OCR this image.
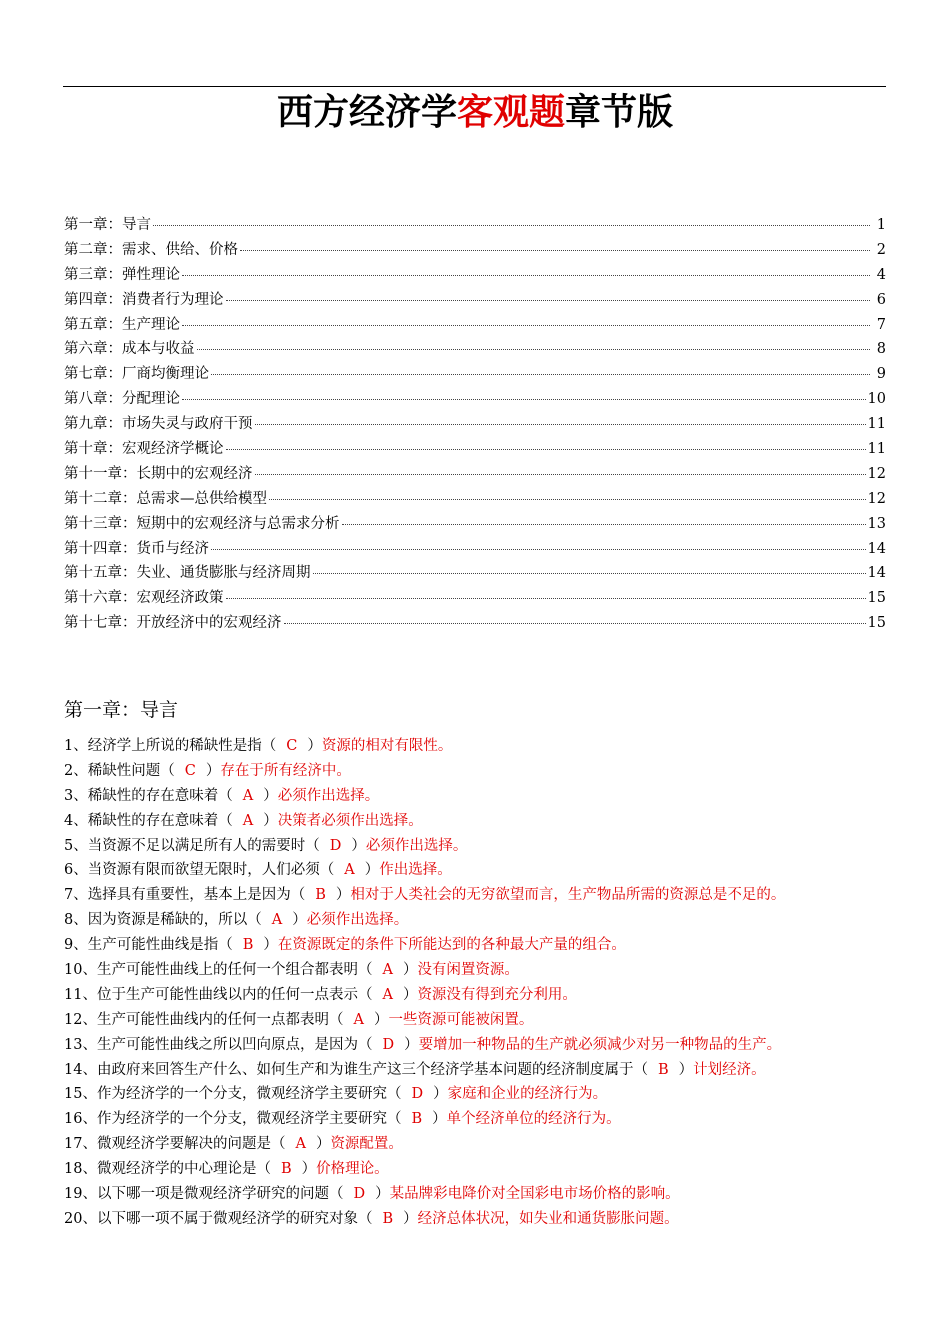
西方经济学客观题章节版
第一章：导言	1
第二章：需求、供给、价格	2
第三章：弹性理论	4
第四章：消费者行为理论	6
第五章：生产理论	7
第六章：成本与收益	8
第七章：厂商均衡理论	9
第八章：分配理论	10
第九章：市场失灵与政府干预	11
第十章：宏观经济学概论	11
第十一章：长期中的宏观经济	12
第十二章：总需求—总供给模型	12
第十三章：短期中的宏观经济与总需求分析	13
第十四章：货币与经济	14
第十五章：失业、通货膨胀与经济周期	14
第十六章：宏观经济政策	15
第十七章：开放经济中的宏观经济	15
第一章：导言
1、经济学上所说的稀缺性是指（ C ）资源的相对有限性。
2、稀缺性问题（ C ）存在于所有经济中。
3、稀缺性的存在意味着（ A ）必须作出选择。
4、稀缺性的存在意味着（ A ）决策者必须作出选择。
5、当资源不足以满足所有人的需要时（ D ）必须作出选择。
6、当资源有限而欲望无限时，人们必须（ A ）作出选择。
7、选择具有重要性，基本上是因为（ B ）相对于人类社会的无穷欲望而言，生产物品所需的资源总是不足的。
8、因为资源是稀缺的，所以（ A ）必须作出选择。
9、生产可能性曲线是指（ B ）在资源既定的条件下所能达到的各种最大产量的组合。
10、生产可能性曲线上的任何一个组合都表明（ A ）没有闲置资源。
11、位于生产可能性曲线以内的任何一点表示（ A ）资源没有得到充分利用。
12、生产可能性曲线内的任何一点都表明（ A ）一些资源可能被闲置。
13、生产可能性曲线之所以凹向原点，是因为（ D ）要增加一种物品的生产就必须减少对另一种物品的生产。
14、由政府来回答生产什么、如何生产和为谁生产这三个经济学基本问题的经济制度属于（ B ）计划经济。
15、作为经济学的一个分支，微观经济学主要研究（ D ）家庭和企业的经济行为。
16、作为经济学的一个分支，微观经济学主要研究（ B ）单个经济单位的经济行为。
17、微观经济学要解决的问题是（ A ）资源配置。
18、微观经济学的中心理论是（ B ）价格理论。
19、以下哪一项是微观经济学研究的问题（ D ）某品牌彩电降价对全国彩电市场价格的影响。
20、以下哪一项不属于微观经济学的研究对象（ B ）经济总体状况，如失业和通货膨胀问题。
